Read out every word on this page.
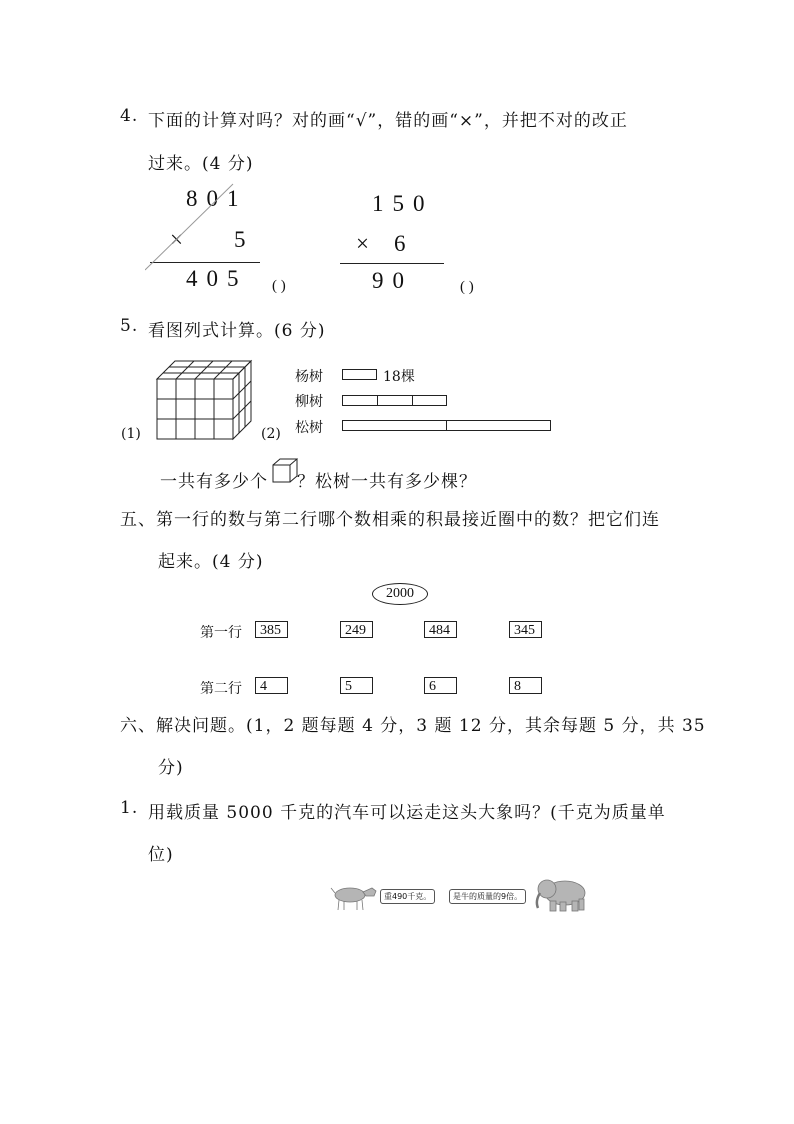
4. 下面的计算对吗？对的画“√”，错的画“×”，并把不对的改正
过来。(4 分)
801
× 5
405 ( )
150
× 6
90	( )
5. 看图列式计算。(6 分)
(1)	(2)
杨树	18棵
柳树
松树
一共有多少个 ？松树一共有多少棵？
五、第一行的数与第二行哪个数相乘的积最接近圈中的数？把它们连
起来。(4 分)
2000
第一行	385	249	484	345
第二行	4	5	6	8
六、解决问题。(1，2 题每题 4 分，3 题 12 分，其余每题 5 分，共 35
分)
1. 用载质量 5000 千克的汽车可以运走这头大象吗？(千克为质量单
位)
重490千克。	是牛的质量的9倍。
